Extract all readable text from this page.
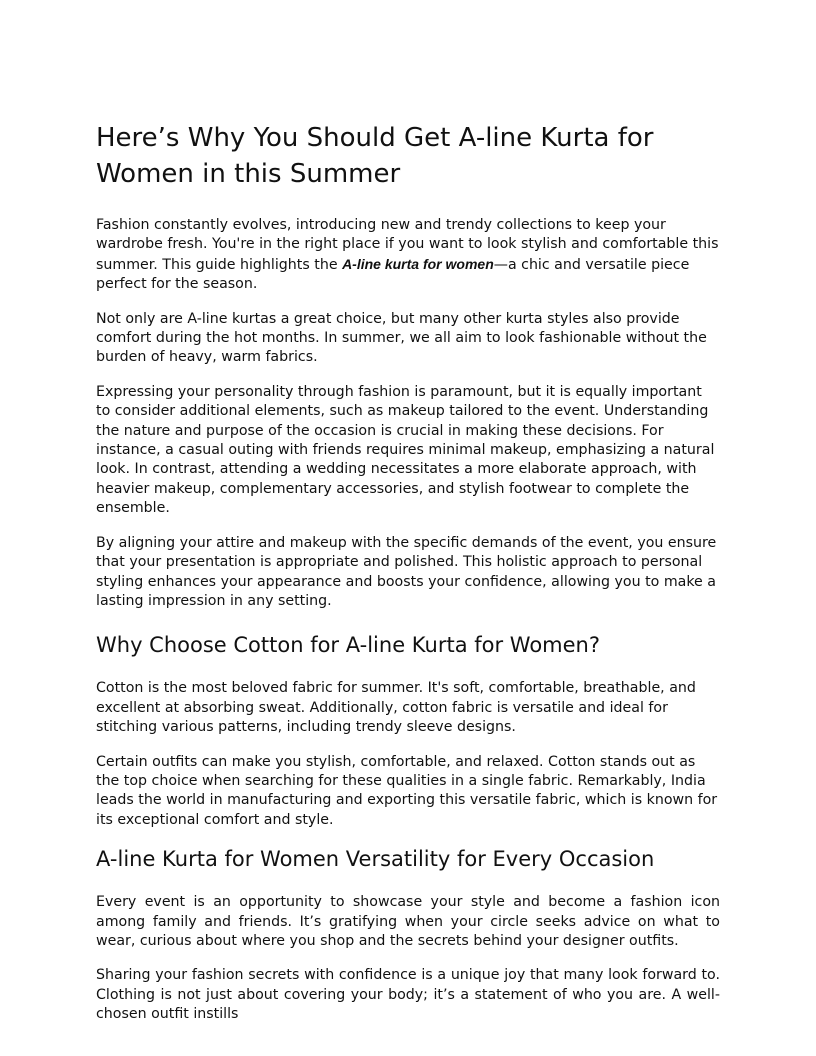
Here’s Why You Should Get A-line Kurta for Women in this Summer

Fashion constantly evolves, introducing new and trendy collections to keep your wardrobe fresh. You're in the right place if you want to look stylish and comfortable this summer. This guide highlights the A-line kurta for women—a chic and versatile piece perfect for the season.

Not only are A-line kurtas a great choice, but many other kurta styles also provide comfort during the hot months. In summer, we all aim to look fashionable without the burden of heavy, warm fabrics.

Expressing your personality through fashion is paramount, but it is equally important to consider additional elements, such as makeup tailored to the event. Understanding the nature and purpose of the occasion is crucial in making these decisions. For instance, a casual outing with friends requires minimal makeup, emphasizing a natural look. In contrast, attending a wedding necessitates a more elaborate approach, with heavier makeup, complementary accessories, and stylish footwear to complete the ensemble.

By aligning your attire and makeup with the specific demands of the event, you ensure that your presentation is appropriate and polished. This holistic approach to personal styling enhances your appearance and boosts your confidence, allowing you to make a lasting impression in any setting.

Why Choose Cotton for A-line Kurta for Women?

Cotton is the most beloved fabric for summer. It's soft, comfortable, breathable, and excellent at absorbing sweat. Additionally, cotton fabric is versatile and ideal for stitching various patterns, including trendy sleeve designs.

Certain outfits can make you stylish, comfortable, and relaxed. Cotton stands out as the top choice when searching for these qualities in a single fabric. Remarkably, India leads the world in manufacturing and exporting this versatile fabric, which is known for its exceptional comfort and style.

A-line Kurta for Women Versatility for Every Occasion

Every event is an opportunity to showcase your style and become a fashion icon among family and friends. It’s gratifying when your circle seeks advice on what to wear, curious about where you shop and the secrets behind your designer outfits.

Sharing your fashion secrets with confidence is a unique joy that many look forward to. Clothing is not just about covering your body; it’s a statement of who you are. A well-chosen outfit instills
